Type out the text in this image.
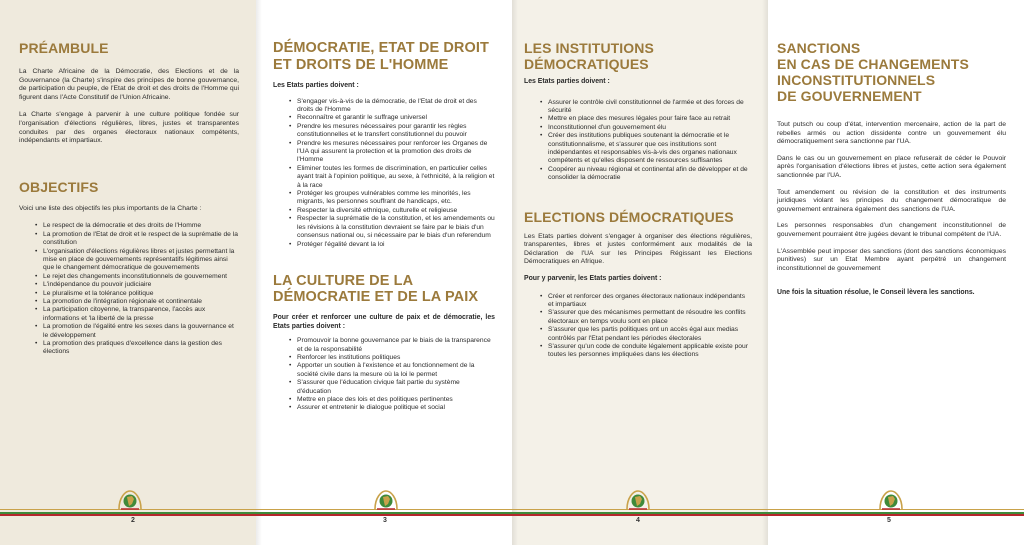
PRÉAMBULE

La Charte Africaine de la Démocratie, des Elections et de la Gouvernance (la Charte) s'inspire des principes de bonne gouvernance, de participation du peuple, de l'Etat de droit et des droits de l'Homme qui figurent dans l'Acte Constitutif de l'Union Africaine.

La Charte s'engage à parvenir à une culture politique fondée sur l'organisation d'élections régulières, libres, justes et transparentes conduites par des organes électoraux nationaux compétents, indépendants et impartiaux.

OBJECTIFS

Voici une liste des objectifs les plus importants de la Charte :

• Le respect de la démocratie et des droits de l'Homme
• La promotion de l'Etat de droit et le respect de la suprématie de la constitution
• L'organisation d'élections régulières libres et justes permettant la mise en place de gouvernements représentatifs légitimes ainsi que le changement démocratique de gouvernements
• Le rejet des changements inconstitutionnels de gouvernement
• L'indépendance du pouvoir judiciaire
• Le pluralisme et la tolérance politique
• La promotion de l'intégration régionale et continentale
• La participation citoyenne, la transparence, l'accès aux informations et 'la liberté de la presse
• La promotion de l'égalité entre les sexes dans la gouvernance et le développement
• La promotion des pratiques d'excellence dans la gestion des élections
DÉMOCRATIE, ETAT DE DROIT ET DROITS DE L'HOMME

Les Etats parties doivent :

• S'engager vis-à-vis de la démocratie, de l'Etat de droit et des droits de l'Homme
• Reconnaître et garantir le suffrage universel
• Prendre les mesures nécessaires pour garantir les règles constitutionnelles et le transfert constitutionnel du pouvoir
• Prendre les mesures nécessaires pour renforcer les Organes de l'UA qui assurent la protection et la promotion des droits de l'Homme
• Eliminer toutes les formes de discrimination, en particulier celles ayant trait à l'opinion politique, au sexe, à l'ethnicité, à la religion et à la race
• Protéger les groupes vulnérables comme les minorités, les migrants, les personnes souffrant de handicaps, etc.
• Respecter la diversité ethnique, culturelle et religieuse
• Respecter la suprématie de la constitution, et les amendements ou les révisions à la constitution devraient se faire par le biais d'un consensus national ou, si nécessaire par le biais d'un referendum
• Protéger l'égalité devant la loi
LA CULTURE DE LA DÉMOCRATIE ET DE LA PAIX

Pour créer et renforcer une culture de paix et de démocratie, les Etats parties doivent :

• Promouvoir la bonne gouvernance par le biais de la transparence et de la responsabilité
• Renforcer les institutions politiques
• Apporter un soutien à l'existence et au fonctionnement de la société civile dans la mesure où la loi le permet
• S'assurer que l'éducation civique fait partie du système d'éducation
• Mettre en place des lois et des politiques pertinentes
• Assurer et entretenir le dialogue politique et social
LES INSTITUTIONS DÉMOCRATIQUES

Les Etats parties doivent :

• Assurer le contrôle civil constitutionnel de l'armée et des forces de sécurité
• Mettre en place des mesures légales pour faire face au retrait
• Inconstitutionnel d'un gouvernement élu
• Créer des institutions publiques soutenant la démocratie et le constitutionnalisme, et s'assurer que ces institutions sont indépendantes et responsables vis-à-vis des organes nationaux compétents et qu'elles disposent de ressources suffisantes
• Coopérer au niveau régional et continental afin de développer et de consolider la démocratie
ELECTIONS DÉMOCRATIQUES

Les Etats parties doivent s'engager à organiser des élections régulières, transparentes, libres et justes conformément aux modalités de la Déclaration de l'UA sur les Principes Régissant les Elections Démocratiques en Afrique.

Pour y parvenir, les Etats parties doivent :

• Créer et renforcer des organes électoraux nationaux indépendants et impartiaux
• S'assurer que des mécanismes permettant de résoudre les conflits électoraux en temps voulu sont en place
• S'assurer que les partis politiques ont un accès égal aux medias contrôlés par l'Etat pendant les périodes électorales
• S'assurer qu'un code de conduite légalement applicable existe pour toutes les personnes impliquées dans les élections
SANCTIONS
EN CAS DE CHANGEMENTS
INCONSTITUTIONNELS
DE GOUVERNEMENT

Tout putsch ou coup d'état, intervention mercenaire, action de la part de rebelles armés ou action dissidente contre un gouvernement élu démocratiquement sera sanctionne par l'UA.

Dans le cas ou un gouvernement en place refuserait de céder le Pouvoir après l'organisation d'élections libres et justes, cette action sera également sanctionnée par l'UA.

Tout amendement ou révision de la constitution et des instruments juridiques violant les principes du changement démocratique de gouvernement entrainera également des sanctions de l'UA.

Les personnes responsables d'un changement inconstitutionnel de gouvernement pourraient être jugées devant le tribunal compétent de l'UA.

L'Assemblée peut imposer des sanctions (dont des sanctions économiques punitives) sur un Etat Membre ayant perpétré un changement inconstitutionnel de gouvernement

Une fois la situation résolue, le Conseil lèvera les sanctions.

2	3	4	5
